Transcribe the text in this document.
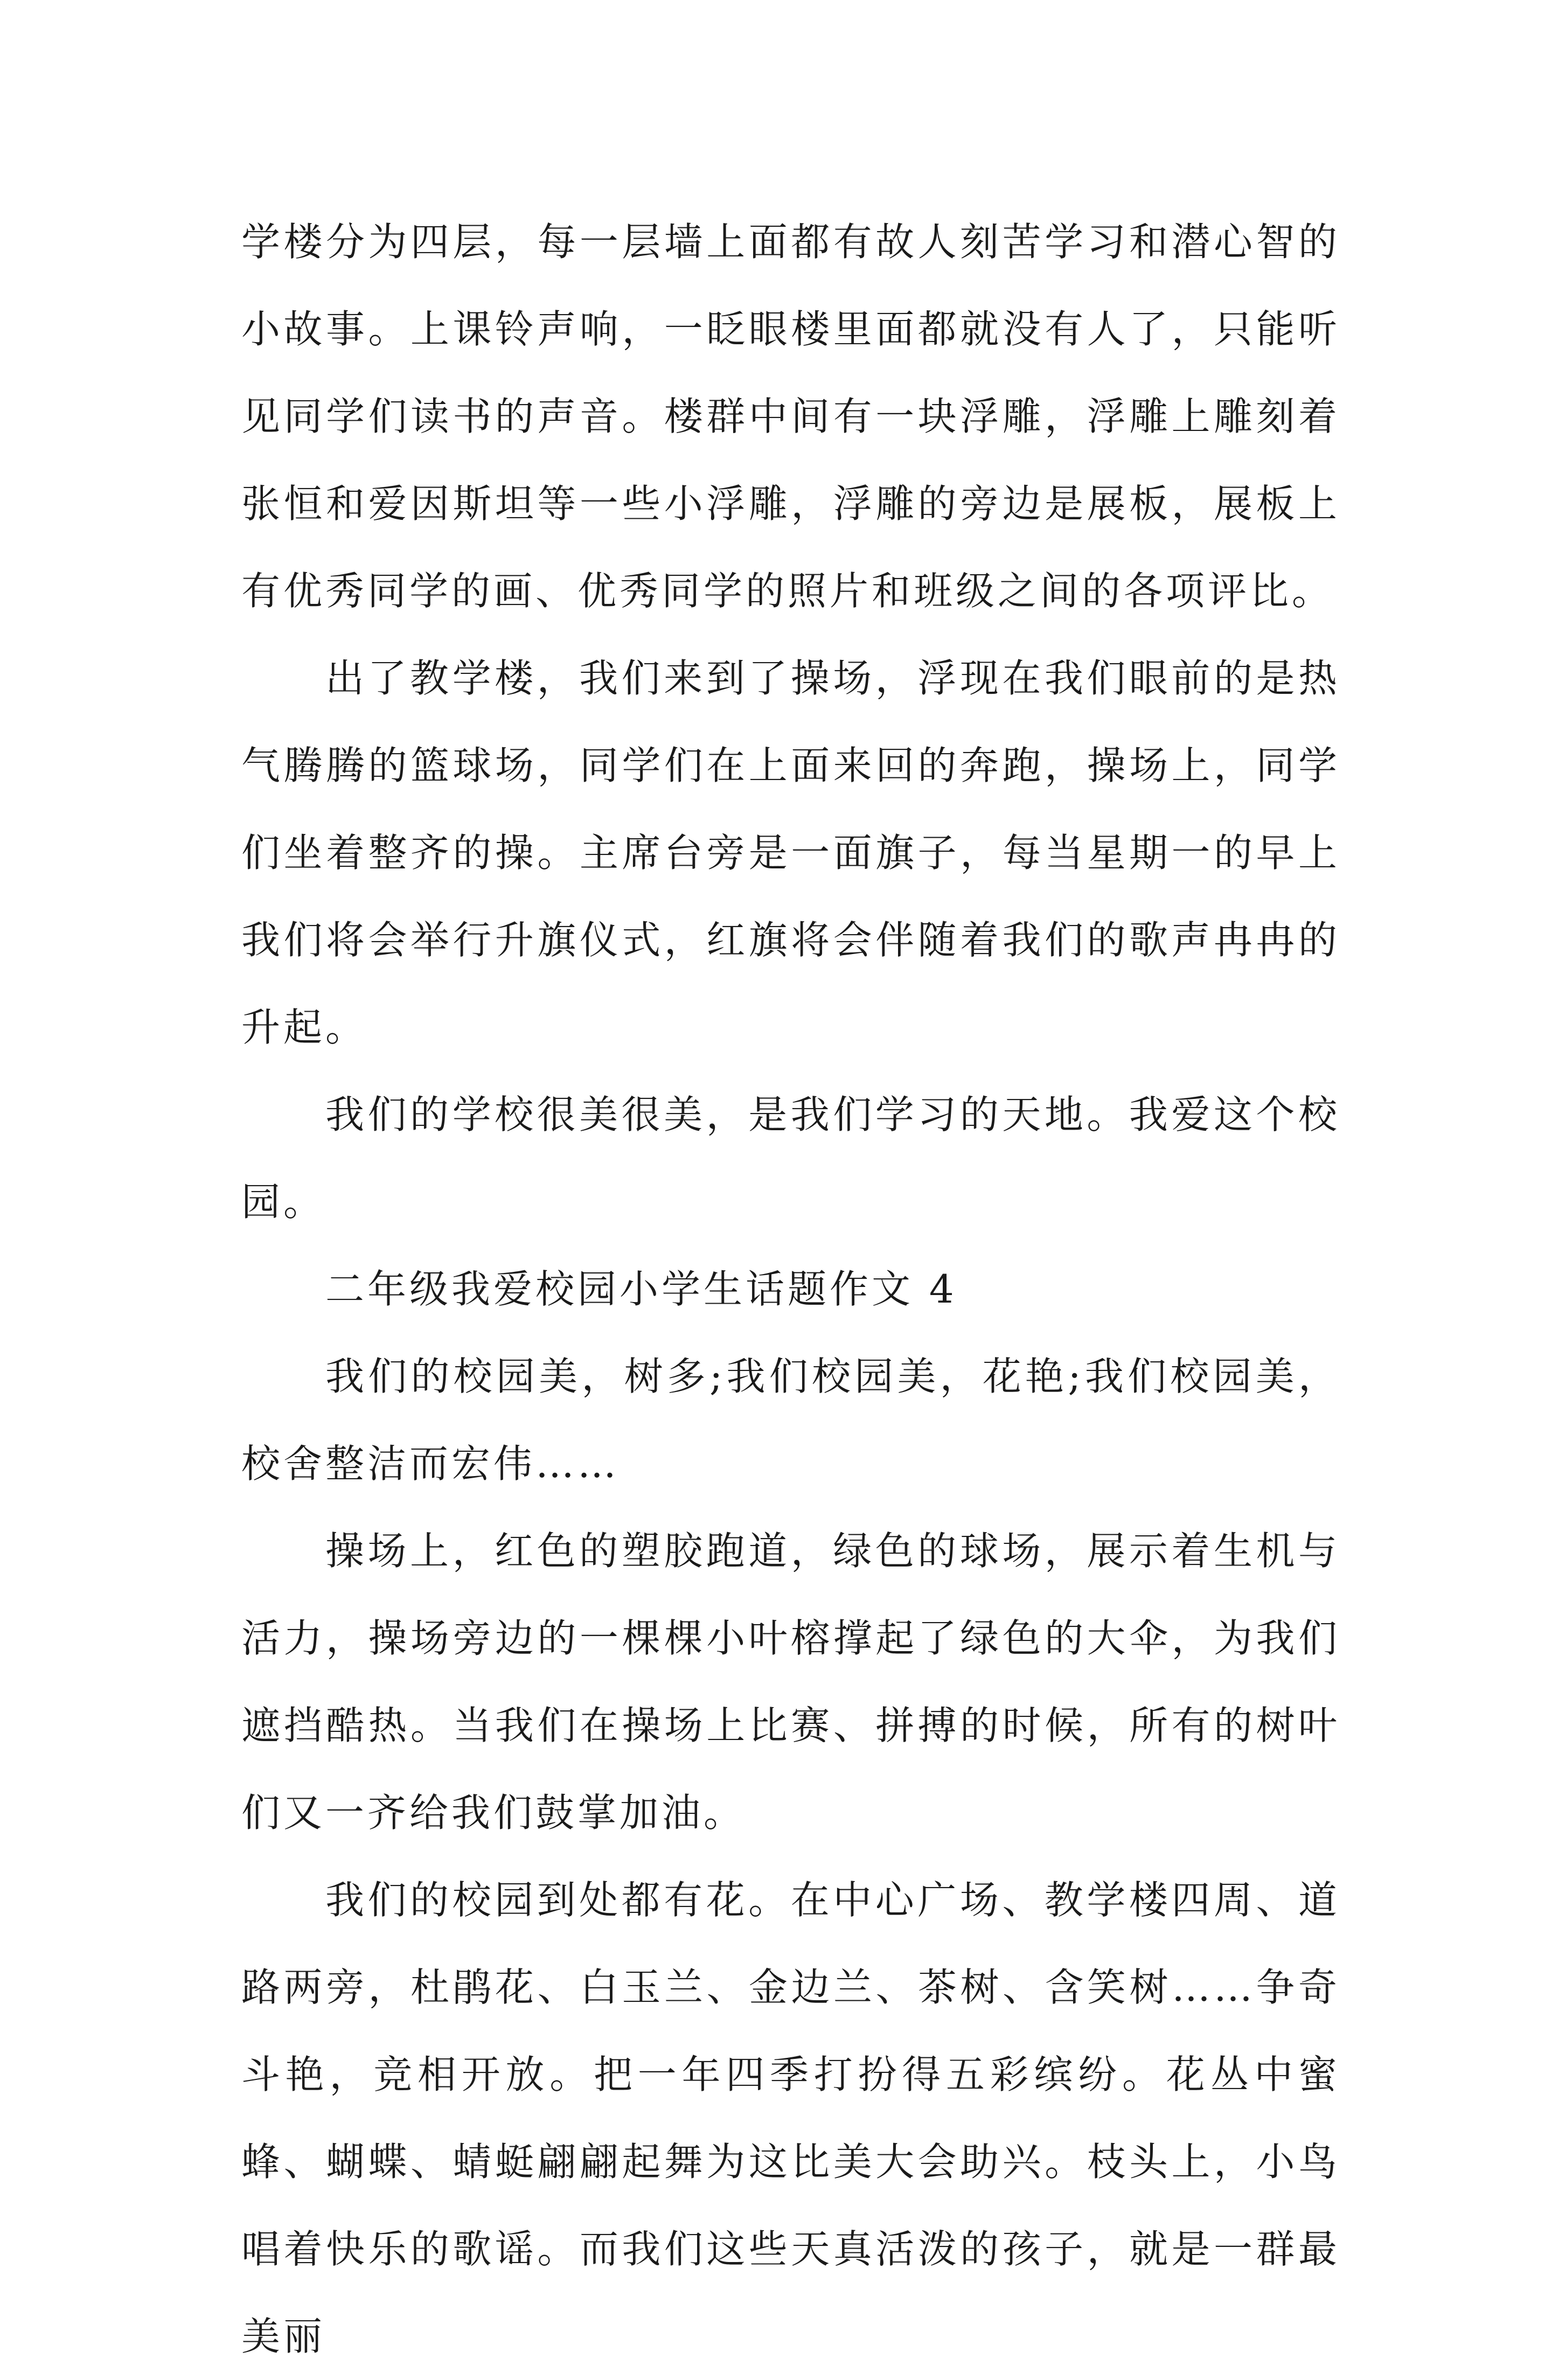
学楼分为四层，每一层墙上面都有故人刻苦学习和潜心智的小故事。上课铃声响，一眨眼楼里面都就没有人了，只能听见同学们读书的声音。楼群中间有一块浮雕，浮雕上雕刻着张恒和爱因斯坦等一些小浮雕，浮雕的旁边是展板，展板上有优秀同学的画、优秀同学的照片和班级之间的各项评比。

出了教学楼，我们来到了操场，浮现在我们眼前的是热气腾腾的篮球场，同学们在上面来回的奔跑，操场上，同学们坐着整齐的操。主席台旁是一面旗子，每当星期一的早上我们将会举行升旗仪式，红旗将会伴随着我们的歌声冉冉的升起。

我们的学校很美很美，是我们学习的天地。我爱这个校园。

二年级我爱校园小学生话题作文 4

我们的校园美，树多;我们校园美，花艳;我们校园美，校舍整洁而宏伟……

操场上，红色的塑胶跑道，绿色的球场，展示着生机与活力，操场旁边的一棵棵小叶榕撑起了绿色的大伞，为我们遮挡酷热。当我们在操场上比赛、拼搏的时候，所有的树叶们又一齐给我们鼓掌加油。

我们的校园到处都有花。在中心广场、教学楼四周、道路两旁，杜鹃花、白玉兰、金边兰、茶树、含笑树……争奇斗艳，竞相开放。把一年四季打扮得五彩缤纷。花丛中蜜蜂、蝴蝶、蜻蜓翩翩起舞为这比美大会助兴。枝头上，小鸟唱着快乐的歌谣。而我们这些天真活泼的孩子，就是一群最美丽
